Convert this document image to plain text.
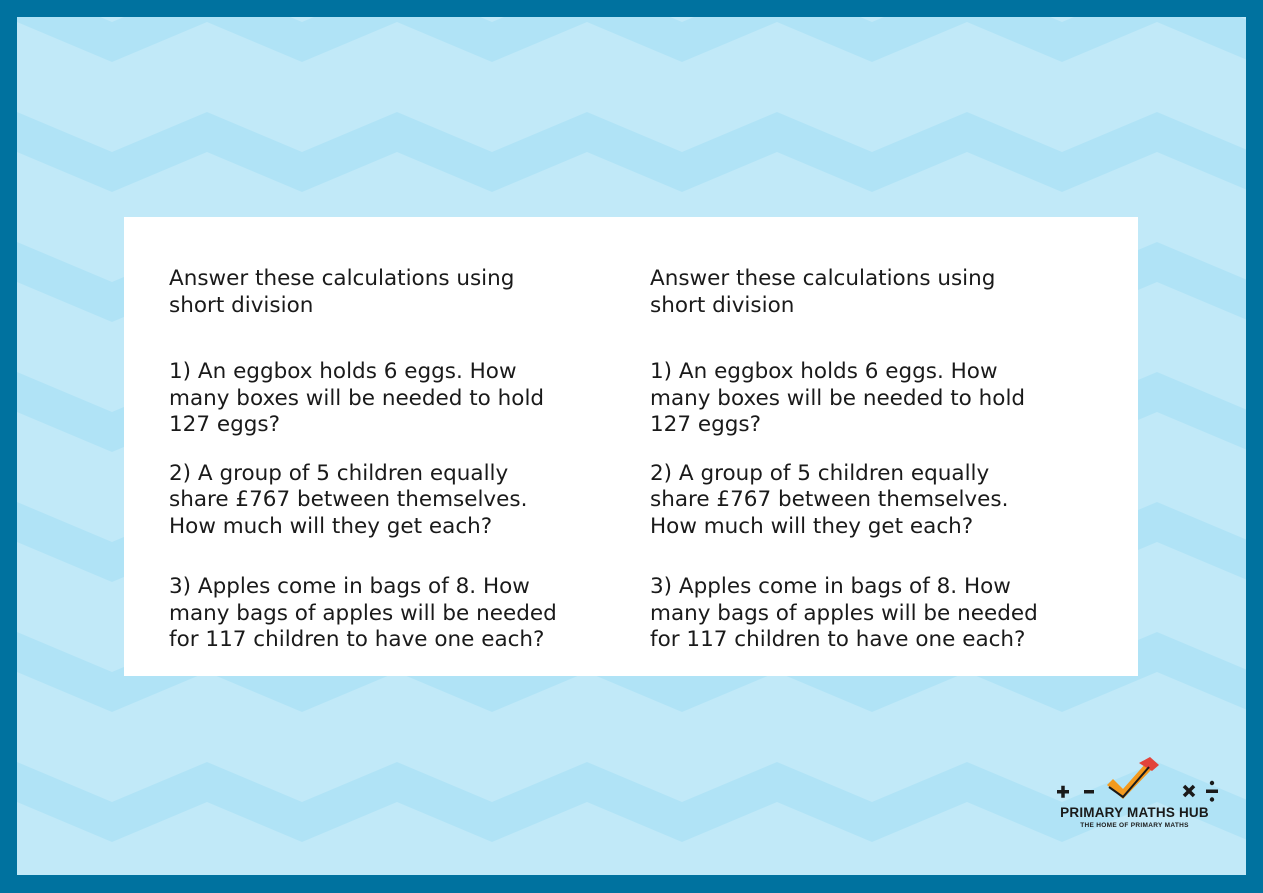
Answer these calculations using
short division

1) An eggbox holds 6 eggs. How
many boxes will be needed to hold
127 eggs?

2) A group of 5 children equally
share £767 between themselves.
How much will they get each?

3) Apples come in bags of 8. How
many bags of apples will be needed
for 117 children to have one each?

Answer these calculations using
short division

1) An eggbox holds 6 eggs. How
many boxes will be needed to hold
127 eggs?

2) A group of 5 children equally
share £767 between themselves.
How much will they get each?

3) Apples come in bags of 8. How
many bags of apples will be needed
for 117 children to have one each?

PRIMARY MATHS HUB
THE HOME OF PRIMARY MATHS
